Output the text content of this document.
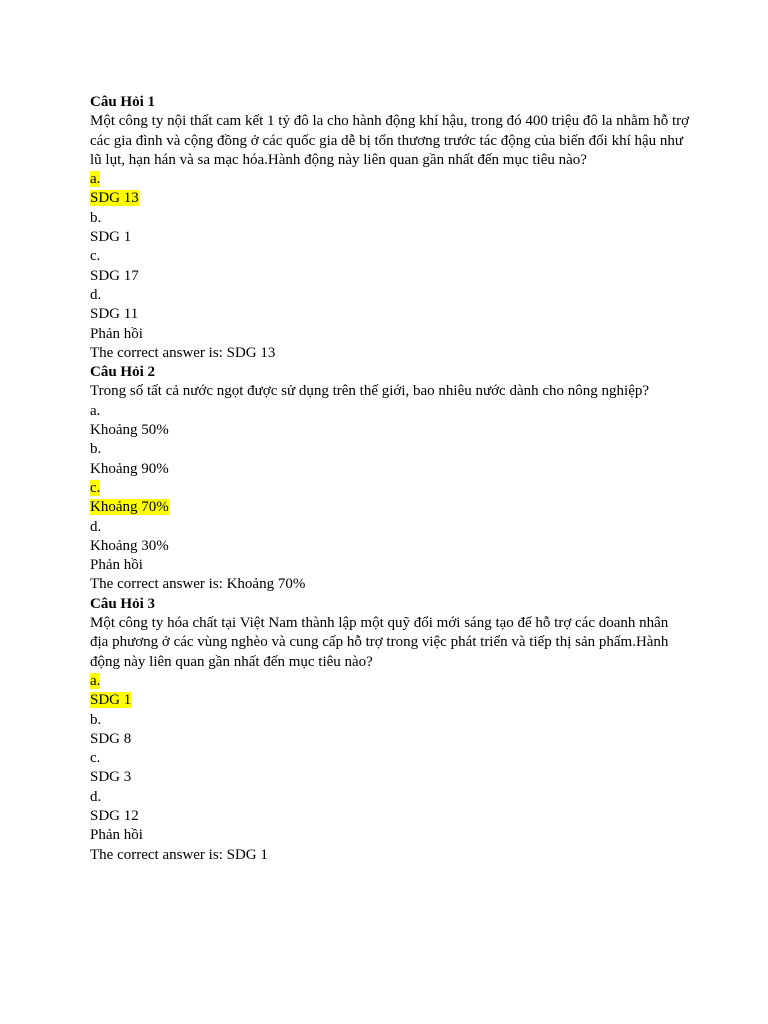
Câu Hỏi 1
Một công ty nội thất cam kết 1 tỷ đô la cho hành động khí hậu, trong đó 400 triệu đô la nhằm hỗ trợ các gia đình và cộng đồng ở các quốc gia dễ bị tổn thương trước tác động của biến đổi khí hậu như lũ lụt, hạn hán và sa mạc hóa.Hành động này liên quan gần nhất đến mục tiêu nào?
a.
SDG 13
b.
SDG 1
c.
SDG 17
d.
SDG 11
Phản hồi
The correct answer is: SDG 13
Câu Hỏi 2
Trong số tất cả nước ngọt được sử dụng trên thế giới, bao nhiêu nước dành cho nông nghiệp?
a.
Khoảng 50%
b.
Khoảng 90%
c.
Khoảng 70%
d.
Khoảng 30%
Phản hồi
The correct answer is: Khoảng 70%
Câu Hỏi 3
Một công ty hóa chất tại Việt Nam thành lập một quỹ đổi mới sáng tạo để hỗ trợ các doanh nhân địa phương ở các vùng nghèo và cung cấp hỗ trợ trong việc phát triển và tiếp thị sản phẩm.Hành động này liên quan gần nhất đến mục tiêu nào?
a.
SDG 1
b.
SDG 8
c.
SDG 3
d.
SDG 12
Phản hồi
The correct answer is: SDG 1
